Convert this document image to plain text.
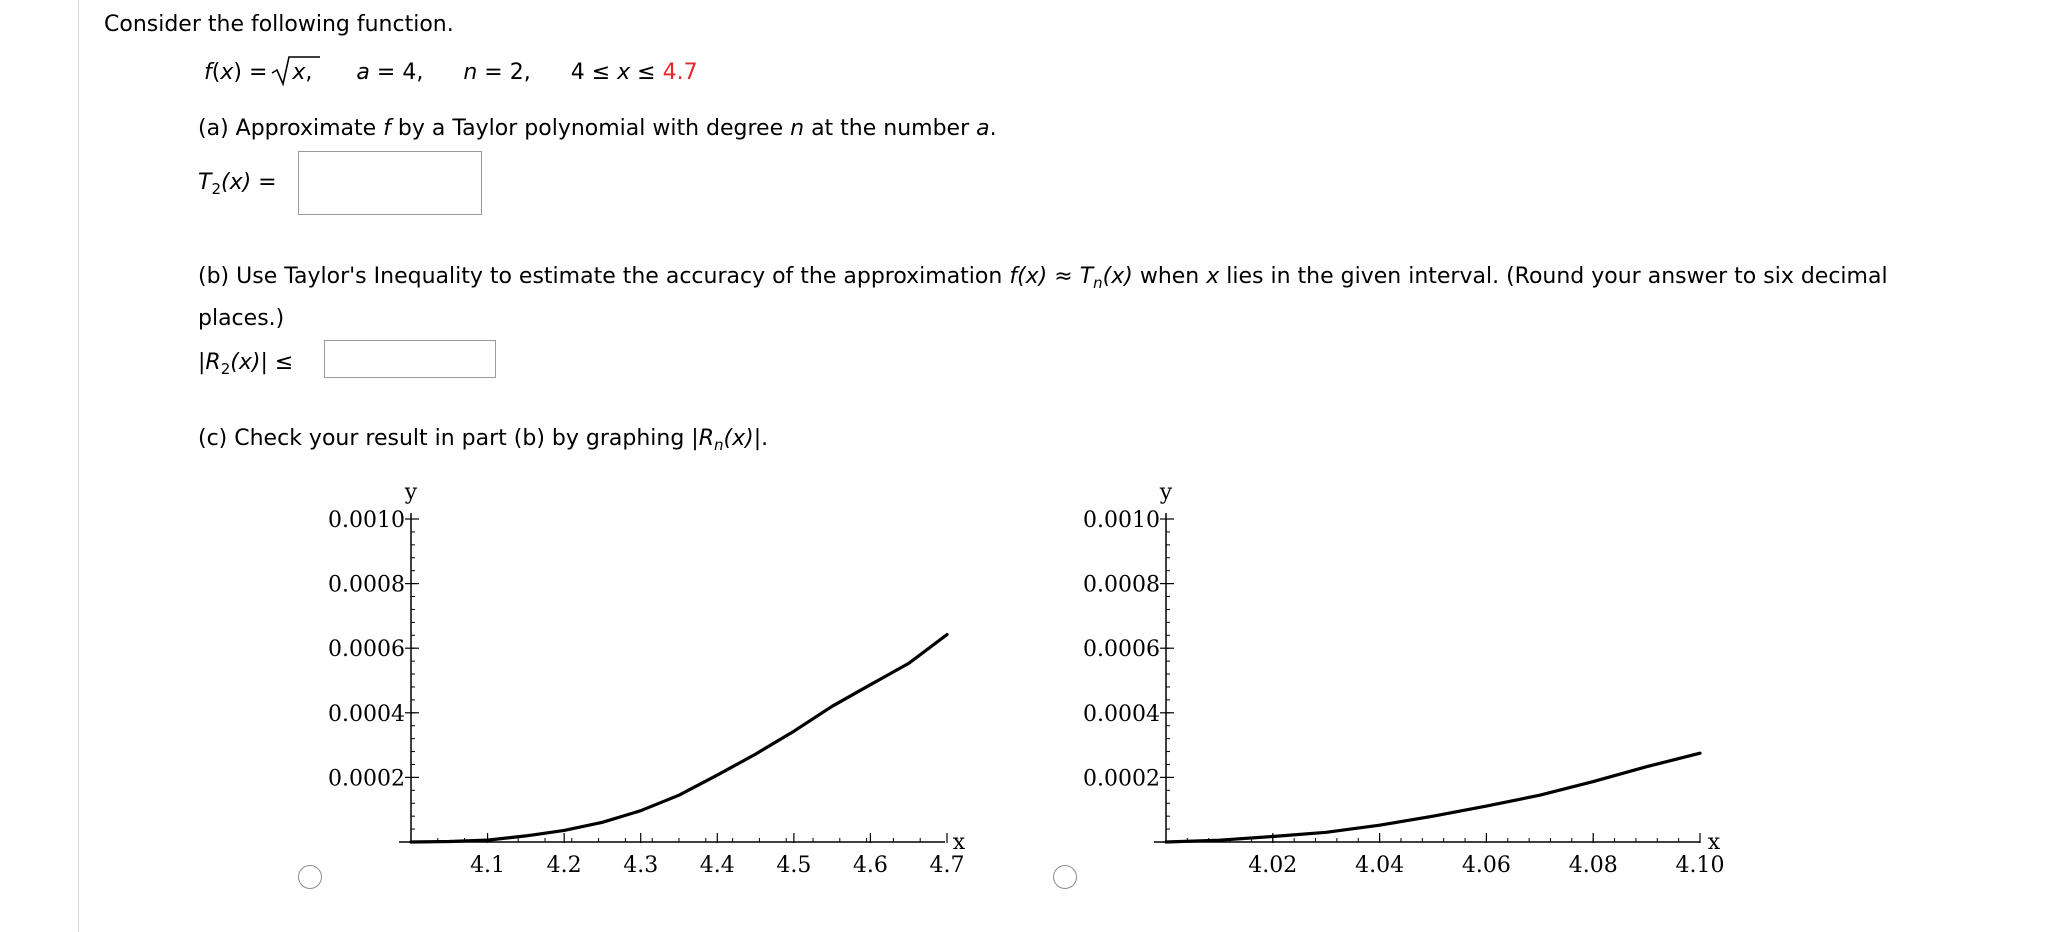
Consider the following function.
f(x) =
x, a = 4, n = 2, 4 ≤ x ≤ 4.7
(a) Approximate f by a Taylor polynomial with degree n at the number a.
$T_2(x)$ =
(b) Use Taylor's Inequality to estimate the accuracy of the approximation $f(x) \approx T_n(x)$ when x lies in the given interval. (Round your answer to six decimal
places.)
$|R_2(x)|$ ≤
(c) Check your result in part (b) by graphing $|R_n(x)|$.
4.1 4.2 4.3 4.4 4.5 4.6 4.7
0.0002
0.0004
0.0006
0.0008
0.0010
x
y
4.02	4.04	4.06	4.08	4.10
0.0002
0.0004
0.0006
0.0008
0.0010
x
y
